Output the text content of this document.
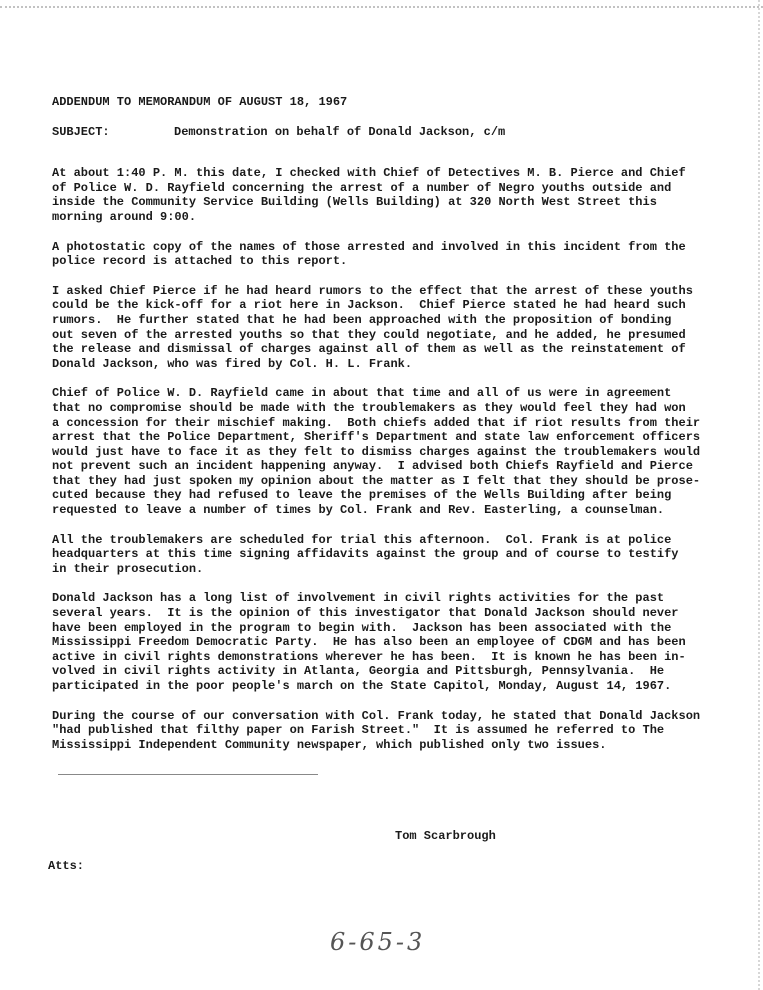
ADDENDUM TO MEMORANDUM OF AUGUST 18, 1967
SUBJECT:	Demonstration on behalf of Donald Jackson, c/m
At about 1:40 P. M. this date, I checked with Chief of Detectives M. B. Pierce and Chief
of Police W. D. Rayfield concerning the arrest of a number of Negro youths outside and
inside the Community Service Building (Wells Building) at 320 North West Street this
morning around 9:00.
A photostatic copy of the names of those arrested and involved in this incident from the
police record is attached to this report.
I asked Chief Pierce if he had heard rumors to the effect that the arrest of these youths
could be the kick-off for a riot here in Jackson.  Chief Pierce stated he had heard such
rumors.  He further stated that he had been approached with the proposition of bonding
out seven of the arrested youths so that they could negotiate, and he added, he presumed
the release and dismissal of charges against all of them as well as the reinstatement of
Donald Jackson, who was fired by Col. H. L. Frank.
Chief of Police W. D. Rayfield came in about that time and all of us were in agreement
that no compromise should be made with the troublemakers as they would feel they had won
a concession for their mischief making.  Both chiefs added that if riot results from their
arrest that the Police Department, Sheriff's Department and state law enforcement officers
would just have to face it as they felt to dismiss charges against the troublemakers would
not prevent such an incident happening anyway.  I advised both Chiefs Rayfield and Pierce
that they had just spoken my opinion about the matter as I felt that they should be prose-
cuted because they had refused to leave the premises of the Wells Building after being
requested to leave a number of times by Col. Frank and Rev. Easterling, a counselman.
All the troublemakers are scheduled for trial this afternoon.  Col. Frank is at police
headquarters at this time signing affidavits against the group and of course to testify
in their prosecution.
Donald Jackson has a long list of involvement in civil rights activities for the past
several years.  It is the opinion of this investigator that Donald Jackson should never
have been employed in the program to begin with.  Jackson has been associated with the
Mississippi Freedom Democratic Party.  He has also been an employee of CDGM and has been
active in civil rights demonstrations wherever he has been.  It is known he has been in-
volved in civil rights activity in Atlanta, Georgia and Pittsburgh, Pennsylvania.  He
participated in the poor people's march on the State Capitol, Monday, August 14, 1967.
During the course of our conversation with Col. Frank today, he stated that Donald Jackson
"had published that filthy paper on Farish Street."  It is assumed he referred to The
Mississippi Independent Community newspaper, which published only two issues.
Tom Scarbrough
Atts:
6-65-3
